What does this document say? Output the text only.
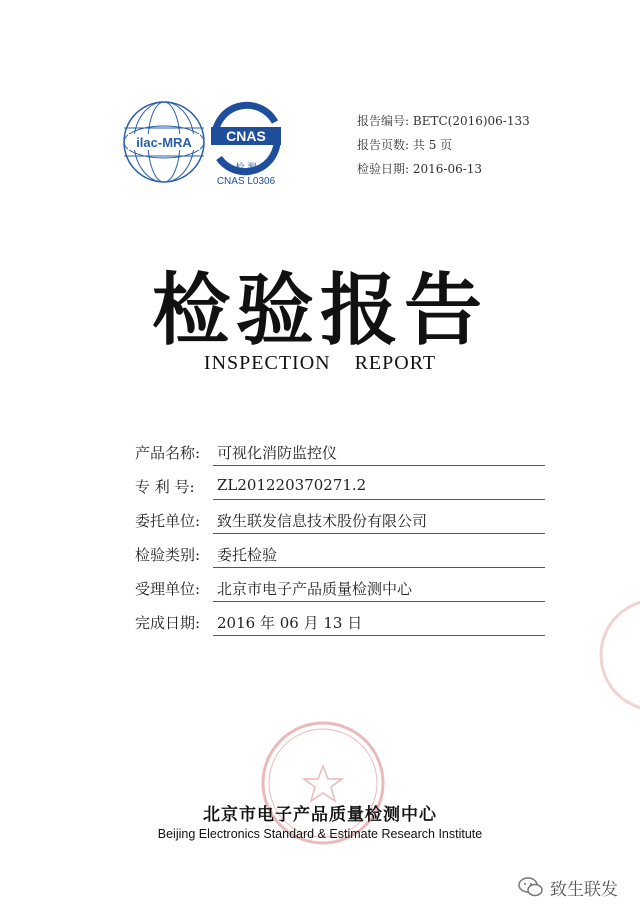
ilac-MRA CNAS
检 测
CNAS L0306
报告编号: BETC(2016)06-133
报告页数: 共 5 页
检验日期: 2016-06-13
检验报告
INSPECTION REPORT
产品名称: 可视化消防监控仪
专 利 号: ZL201220370271.2
委托单位: 致生联发信息技术股份有限公司
检验类别: 委托检验
受理单位: 北京市电子产品质量检测中心
完成日期: 2016 年 06 月 13 日
北京市电子产品质量检测中心
Beijing Electronics Standard & Estimate Research Institute
致生联发
